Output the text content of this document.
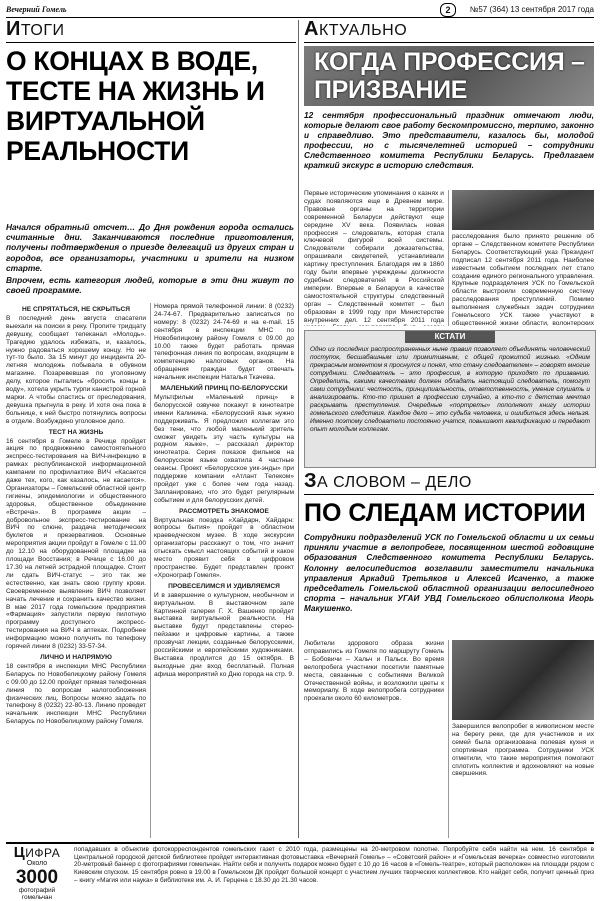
Вечерний Гомель	2	№57 (364) 13 сентября 2017 года
ИТОГИ
О КОНЦАХ В ВОДЕ, ТЕСТЕ НА ЖИЗНЬ И ВИРТУАЛЬНОЙ РЕАЛЬНОСТИ
Начался обратный отсчет… До Дня рождения города остались считанные дни. Заканчиваются последние приготовления, получены подтверждения о приезде делегаций из других стран и городов, все организаторы, участники и зрители на низком старте.
Впрочем, есть категория людей, которые в эти дни живут по своей программе.
НЕ СПРЯТАТЬСЯ, НЕ СКРЫТЬСЯ
В последний день августа спасатели выехали на поиски в реку. Пропите тридцату девушку, сообщает телеканал «Молодь». Трагедию удалось избежать, и, казалось, нужно радоваться хорошему концу. Но не тут-то было. За 15 минут до инцидента 20-летняя молодежь побывала в обувном магазине. Позаревевшая по уголовному делу, которое пытались «бросить концы в воду», хотела укрыть турпи канистрой горной марки. А чтобы спастись от преследования, девушка прыгнула в реку. И хотя она пока в больнице, к ней быстро потянулись вопросы в отделе. Возбуждено уголовное дело.
ТЕСТ НА ЖИЗНЬ
16 сентября в Гомеле в Речице пройдет акция по продвижению самостоятельного экспресс-тестирования на ВИЧ-инфекцию в рамках республиканской информационной кампании по профилактике ВИЧ «Касается даже тех, кого, как казалось, не касается». Организаторы – Гомельский областной центр гигиены, эпидемиологии и общественного здоровья, общественное объединение «Встреча». В программе акции – добровольное экспресс-тестирование на ВИЧ по слюне, раздача методических буклетов и презервативов. Основные мероприятия акции пройдут в Гомеле с 11.00 до 12.10 на оборудованной площадке на площади Восстания; в Речице с 16.00 до 17.30 на летней эстрадной площадке. Стоит ли сдать ВИЧ-статус – это так же естественно, как знать свою группу крови. Своевременное выявление ВИЧ позволяет начать лечение и сохранить качество жизни. В мае 2017 года гомельские предприятия «Фармация» запустили первую пилотную программу доступного экспресс-тестирования на ВИЧ в аптеках. Подробнее информацию можно получить по телефону горячей линии 8 (0232) 33-57-34.
ЛИЧНО И НАПРЯМУЮ
18 сентября в инспекции МНС Республики Беларусь по Новобелицкому району Гомеля с 09.00 до 12.00 пройдет прямая телефонная линия по вопросам налогообложения физических лиц. Вопросы можно задать по телефону 8 (0232) 22-80-13. Линию проведет начальник инспекции МНС Республики Беларусь по Новобелицкому району Гомеля.
Номера прямой телефонной линии: 8 (0232) 24-74-67. Предварительно записаться по номеру: 8 (0232) 24-74-69 и на e-mail. 15 сентября в инспекции МНС по Новобелицкому району Гомеля с 09.00 до 10.00 также будет работать прямая телефонная линия по вопросам, входящим в компетенцию налоговых органов. На обращения граждан будет отвечать начальник инспекции Наталья Ткачева.
МАЛЕНЬКИЙ ПРИНЦ ПО-БЕЛОРУССКИ
Мультфильм «Маленький принц» в белорусской озвучке покажут в кинотеатре имени Калинина. «Белорусский язык нужно поддерживать. Я предложил коллегам это без тени, что любой маленький зритель сможет увидеть эту часть культуры на родном языке», – рассказал директор кинотеатра. Серия показов фильмов на белорусском языке охватила 4 частные сеансы. Проект «Белорусское уик-энды» при поддержке компании «Атлант Телеком» пройдет уже с более чем года назад. Запланировано, что это будет регулярным событием и для белорусских детей.
РАССМОТРЕТЬ ЗНАКОМОЕ
Виртуальная поездка «Хайдарн, Хайдарн: вопросы бытия» пройдет в областном краеведческом музее. В ходе экскурсии организаторы расскажут о том, что значит отыскать смысл настоящих событий и какое место проявит себя в цифровом пространстве. Будет представлен проект «Хронограф Гомеля».
ПРОВЕСЕЛИМСЯ И УДИВЛЯЕМСЯ
И в завершение о культурном, необычном и виртуальном. В выставочном зале Картинной галереи Г. Х. Вашенко пройдет выставка виртуальной реальности. На выставке будут представлены стерео-пейзажи и цифровые картины, а также прозвучат лекции, созданные белорусскими, российскими и европейскими художниками. Выставка продлится до 15 октября. В выходные дни вход бесплатный. Полная афиша мероприятий ко Дню города на стр. 9.
АКТУАЛЬНО
КОГДА ПРОФЕССИЯ – ПРИЗВАНИЕ
12 сентября профессиональный праздник отмечают люди, которые делают свое работу бескомпромиссно, терпимо, законно и справедливо. Это представители, казалось бы, молодой профессии, но с тысячелетней историей – сотрудники Следственного комитета Республики Беларусь. Предлагаем краткий экскурс в историю следствия.
Первые исторические упоминания о казнях и судах появляются еще в Древнем мире. Правовые органы на территории современной Беларуси действуют еще середине XV века. Появилась новая профессия – следователь, которая стала ключевой фигурой всей системы. Следователи собирали доказательства, опрашивали свидетелей, устанавливали картину преступления. Благодаря им в 1860 году были впервые учреждены должности судебных следователей в Российской империи. Впервые в Беларуси в качестве самостоятельной структуры следственный орган – Следственный комитет – был образован в 1999 году при Министерстве внутренних дел. 12 сентября 2011 года
расследования было принято решение об органе – Следственном комитете Республики Беларусь. Соответствующий указ Президент подписал 12 сентября 2011 года. Наиболее известным событием последних лет стало создание единого регионального управления. Крупные подразделения УСК по Гомельской области выстроили современную систему расследования преступлений. Помимо выполнения служебных задач сотрудники Гомельского УСК также участвуют в общественной жизни области, волонтерских
КСТАТИ
Одно из последних распространенных ныне правил позволяет объединять человеческий поступок, бесшабашным или примитивным, с общей прожитой жизнью. «Одним прекрасным моментом я проснулся и понял, что стану следователем» – говорят многие сотрудники. Следователь – это профессия, в которую приходят по призванию. Определить, какими качествами должен обладать настоящий следователь, помогут сами сотрудники: честность, принципиальность, ответственность, умение слушать и анализировать. Кто-то пришел в профессию случайно, а кто-то с детства мечтал раскрывать преступления. Очередные «портреты» пополняют книгу истории гомельского следствия. Каждое дело – это судьба человека, и ошибиться здесь нельзя. Именно поэтому следователи постоянно учатся, повышают квалификацию и передают опыт молодым коллегам.
ЗА СЛОВОМ – ДЕЛО
ПО СЛЕДАМ ИСТОРИИ
Сотрудники подразделений УСК по Гомельской области и их семьи приняли участие в велопробеге, посвященном шестой годовщине образования Следственного комитета Республики Беларусь. Колонну велосипедистов возглавили заместители начальника управления Аркадий Третьяков и Алексей Исаченко, а также председатель Гомельской областной организации велосипедного спорта – начальник УГАИ УВД Гомельского облисполкома Игорь Макушенко.
Любители здорового образа жизни отправились из Гомеля по маршруту Гомель – Бобовичи – Хальч и Пальск. Во время велопробега участники посетили памятные места, связанные с событиями Великой Отечественной войны, и возложили цветы к мемориалу. В ходе велопробега сотрудники проехали около 60 километров.
Завершился велопробег в живописном месте на берегу реки, где для участников и их семей была организована полевая кухня и спортивная программа. Сотрудники УСК отметили, что такие мероприятия помогают сплотить коллектив и вдохновляют на новые свершения.
ЦИФРА
Около
3000
фотографий гомельчан
попадавших в объектив фотокорреспондентов гомельских газет с 2010 года, размещены на 20-метровом полотне. Попробуйте себя найти на нем. 16 сентября в Центральной городской детской библиотеке пройдет интерактивная фотовыставка «Вечерний Гомель» – «Советский район» и «Гомельская вечерка» совместно изготовили 20-метровый баннер с фотографиями гомельчан. Найти себя и получить подарок можно будет с 10 до 16 часов в «Гомель-театре», который расположен на площади рядом с Киевским спуском. 15 сентября ровно в 19.00 в Гомельском ДК пройдет большой концерт с участием лучших творческих коллективов. Кто найдет себя, получит ценный приз – книгу «Магия или наука» в библиотеке им. А. И. Герцена с 18.30 до 21.30 часов.
